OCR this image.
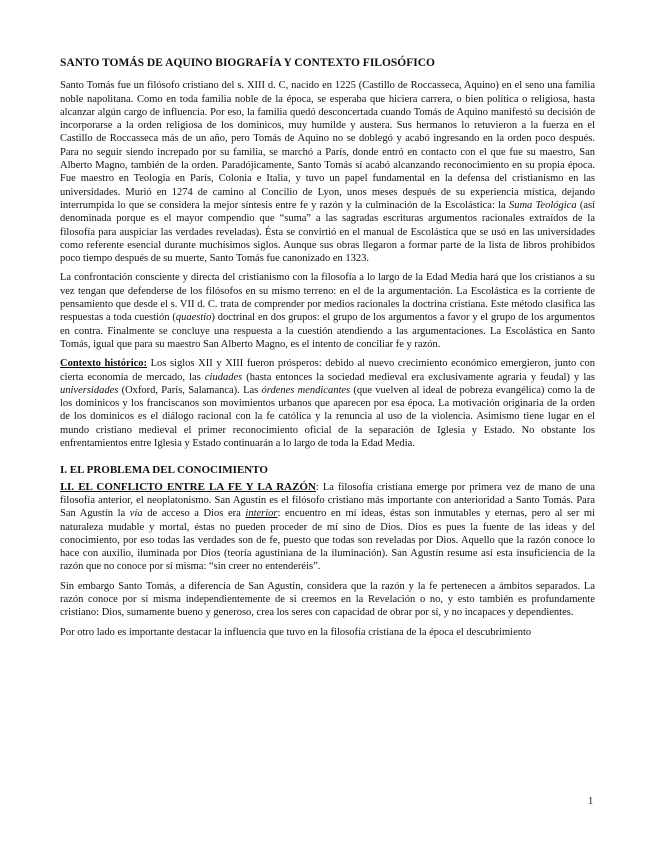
SANTO TOMÁS DE AQUINO BIOGRAFÍA Y CONTEXTO FILOSÓFICO

Santo Tomás fue un filósofo cristiano del s. XIII d. C, nacido en 1225 (Castillo de Roccasseca, Aquino) en el seno una familia noble napolitana. Como en toda familia noble de la época, se esperaba que hiciera carrera, o bien política o religiosa, hasta alcanzar algún cargo de influencia. Por eso, la familia quedó desconcertada cuando Tomás de Aquino manifestó su decisión de incorporarse a la orden religiosa de los dominicos, muy humilde y austera. Sus hermanos lo retuvieron a la fuerza en el Castillo de Roccasseca más de un año, pero Tomás de Aquino no se doblegó y acabó ingresando en la orden poco después. Para no seguir siendo increpado por su familia, se marchó a París, donde entró en contacto con el que fue su maestro, San Alberto Magno, también de la orden. Paradójicamente, Santo Tomás sí acabó alcanzando reconocimiento en su propia época. Fue maestro en Teología en París, Colonia e Italia, y tuvo un papel fundamental en la defensa del cristianismo en las universidades. Murió en 1274 de camino al Concilio de Lyon, unos meses después de su experiencia mística, dejando interrumpida lo que se considera la mejor síntesis entre fe y razón y la culminación de la Escolástica: la Suma Teológica (así denominada porque es el mayor compendio que “suma” a las sagradas escrituras argumentos racionales extraídos de la filosofía para auspiciar las verdades reveladas). Ésta se convirtió en el manual de Escolástica que se usó en las universidades como referente esencial durante muchísimos siglos. Aunque sus obras llegaron a formar parte de la lista de libros prohibidos poco tiempo después de su muerte, Santo Tomás fue canonizado en 1323.

La confrontación consciente y directa del cristianismo con la filosofía a lo largo de la Edad Media hará que los cristianos a su vez tengan que defenderse de los filósofos en su mismo terreno: en el de la argumentación. La Escolástica es la corriente de pensamiento que desde el s. VII d. C. trata de comprender por medios racionales la doctrina cristiana. Este método clasifica las respuestas a toda cuestión (quaestio) doctrinal en dos grupos: el grupo de los argumentos a favor y el grupo de los argumentos en contra. Finalmente se concluye una respuesta a la cuestión atendiendo a las argumentaciones. La Escolástica en Santo Tomás, igual que para su maestro San Alberto Magno, es el intento de conciliar fe y razón.

Contexto histórico: Los siglos XII y XIII fueron prósperos: debido al nuevo crecimiento económico emergieron, junto con cierta economía de mercado, las ciudades (hasta entonces la sociedad medieval era exclusivamente agraria y feudal) y las universidades (Oxford, París, Salamanca). Las órdenes mendicantes (que vuelven al ideal de pobreza evangélica) como la de los dominicos y los franciscanos son movimientos urbanos que aparecen por esa época. La motivación originaria de la orden de los dominicos es el diálogo racional con la fe católica y la renuncia al uso de la violencia. Asimismo tiene lugar en el mundo cristiano medieval el primer reconocimiento oficial de la separación de Iglesia y Estado. No obstante los enfrentamientos entre Iglesia y Estado continuarán a lo largo de toda la Edad Media.

I. EL PROBLEMA DEL CONOCIMIENTO

I.I. EL CONFLICTO ENTRE LA FE Y LA RAZÓN: La filosofía cristiana emerge por primera vez de mano de una filosofía anterior, el neoplatonismo. San Agustín es el filósofo cristiano más importante con anterioridad a Santo Tomás. Para San Agustín la vía de acceso a Dios era interior: encuentro en mí ideas, éstas son inmutables y eternas, pero al ser mi naturaleza mudable y mortal, éstas no pueden proceder de mí sino de Dios. Dios es pues la fuente de las ideas y del conocimiento, por eso todas las verdades son de fe, puesto que todas son reveladas por Dios. Aquello que la razón conoce lo hace con auxilio, iluminada por Dios (teoría agustiniana de la iluminación). San Agustín resume así esta insuficiencia de la razón que no conoce por sí misma: “sin creer no entenderéis”.

Sin embargo Santo Tomás, a diferencia de San Agustín, considera que la razón y la fe pertenecen a ámbitos separados. La razón conoce por sí misma independientemente de si creemos en la Revelación o no, y esto también es profundamente cristiano: Dios, sumamente bueno y generoso, crea los seres con capacidad de obrar por sí, y no incapaces y dependientes.

Por otro lado es importante destacar la influencia que tuvo en la filosofía cristiana de la época el descubrimiento

1
